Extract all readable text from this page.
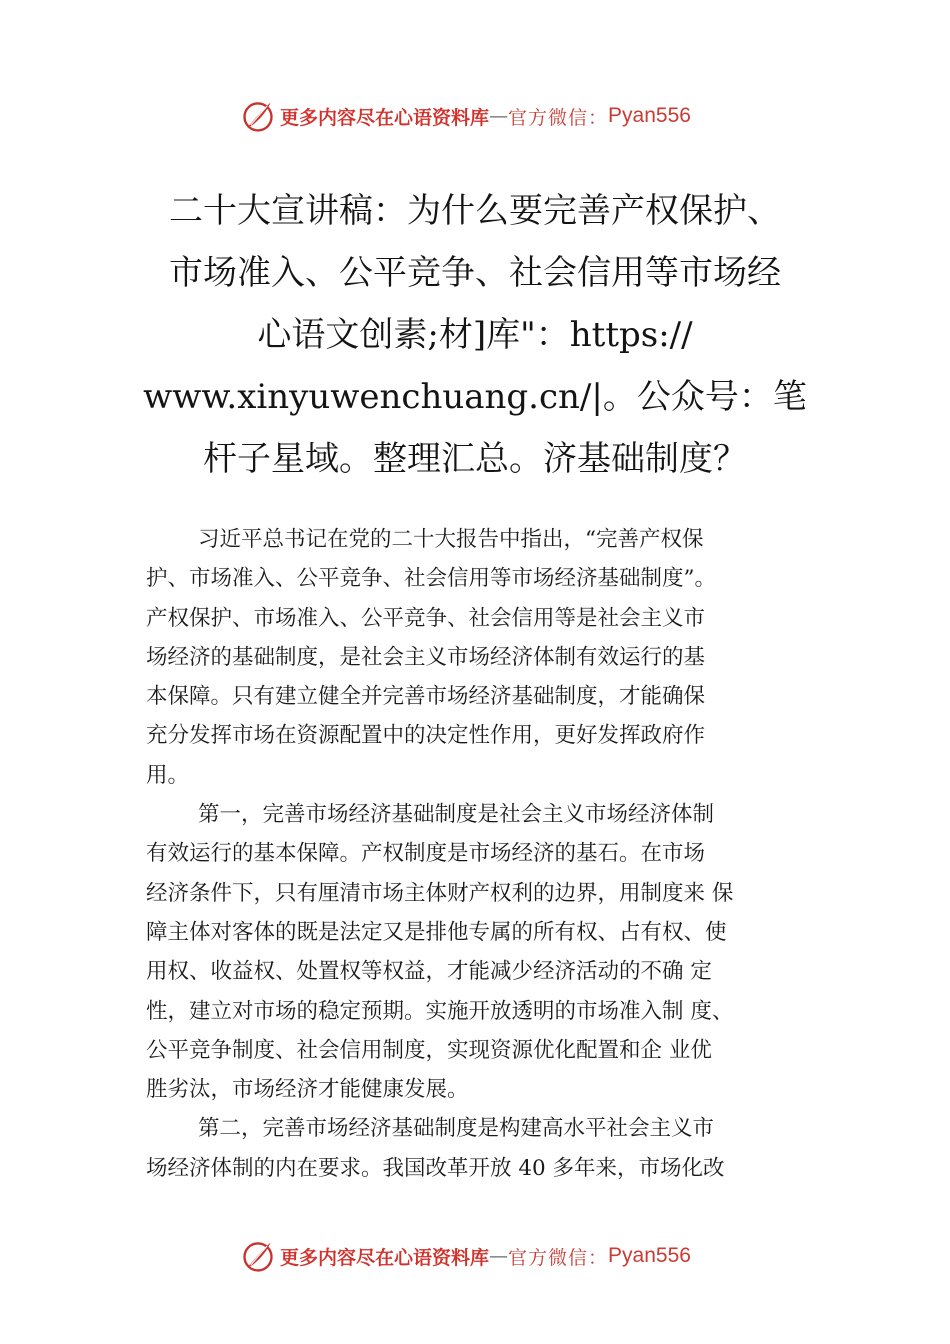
更多内容尽在心语资料库 — 官方微信： Pyan556
二十大宣讲稿：为什么要完善产权保护、
市场准入、公平竞争、社会信用等市场经
心语文创素;材]库"：https://
www.xinyuwenchuang.cn/|。公众号：笔
杆子星域。整理汇总。济基础制度？
习近平总书记在党的二十大报告中指出，“完善产权保
护、市场准入、公平竞争、社会信用等市场经济基础制度”。
产权保护、市场准入、公平竞争、社会信用等是社会主义市
场经济的基础制度，是社会主义市场经济体制有效运行的基
本保障。只有建立健全并完善市场经济基础制度，才能确保
充分发挥市场在资源配置中的决定性作用，更好发挥政府作
用。
第一，完善市场经济基础制度是社会主义市场经济体制
有效运行的基本保障。产权制度是市场经济的基石。在市场
经济条件下，只有厘清市场主体财产权利的边界，用制度来 保
障主体对客体的既是法定又是排他专属的所有权、占有权、使
用权、收益权、处置权等权益，才能减少经济活动的不确 定
性，建立对市场的稳定预期。实施开放透明的市场准入制 度、
公平竞争制度、社会信用制度，实现资源优化配置和企 业优
胜劣汰，市场经济才能健康发展。
第二，完善市场经济基础制度是构建高水平社会主义市
场经济体制的内在要求。我国改革开放 40 多年来，市场化改
更多内容尽在心语资料库 — 官方微信： Pyan556
